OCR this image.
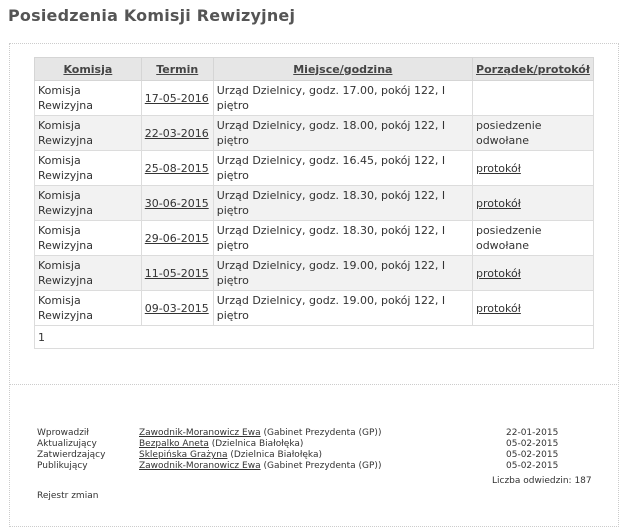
Posiedzenia Komisji Rewizyjnej
Komisja	Termin	Miejsce/godzina	Porządek/protokół
Komisja Rewizyjna	17-05-2016	Urząd Dzielnicy, godz. 17.00, pokój 122, I piętro	
Komisja Rewizyjna	22-03-2016	Urząd Dzielnicy, godz. 18.00, pokój 122, I piętro	posiedzenie odwołane
Komisja Rewizyjna	25-08-2015	Urząd Dzielnicy, godz. 16.45, pokój 122, I piętro	protokół
Komisja Rewizyjna	30-06-2015	Urząd Dzielnicy, godz. 18.30, pokój 122, I piętro	protokół
Komisja Rewizyjna	29-06-2015	Urząd Dzielnicy, godz. 18.30, pokój 122, I piętro	posiedzenie odwołane
Komisja Rewizyjna	11-05-2015	Urząd Dzielnicy, godz. 19.00, pokój 122, I piętro	protokół
Komisja Rewizyjna	09-03-2015	Urząd Dzielnicy, godz. 19.00, pokój 122, I piętro	protokół
1			
Wprowadził	Zawodnik-Moranowicz Ewa (Gabinet Prezydenta (GP))	22-01-2015
Aktualizujący	Bezpalko Aneta (Dzielnica Białołęka)	05-02-2015
Zatwierdzający	Sklepińska Grażyna (Dzielnica Białołęka)	05-02-2015
Publikujący	Zawodnik-Moranowicz Ewa (Gabinet Prezydenta (GP))	05-02-2015
Liczba odwiedzin: 187
Rejestr zmian
